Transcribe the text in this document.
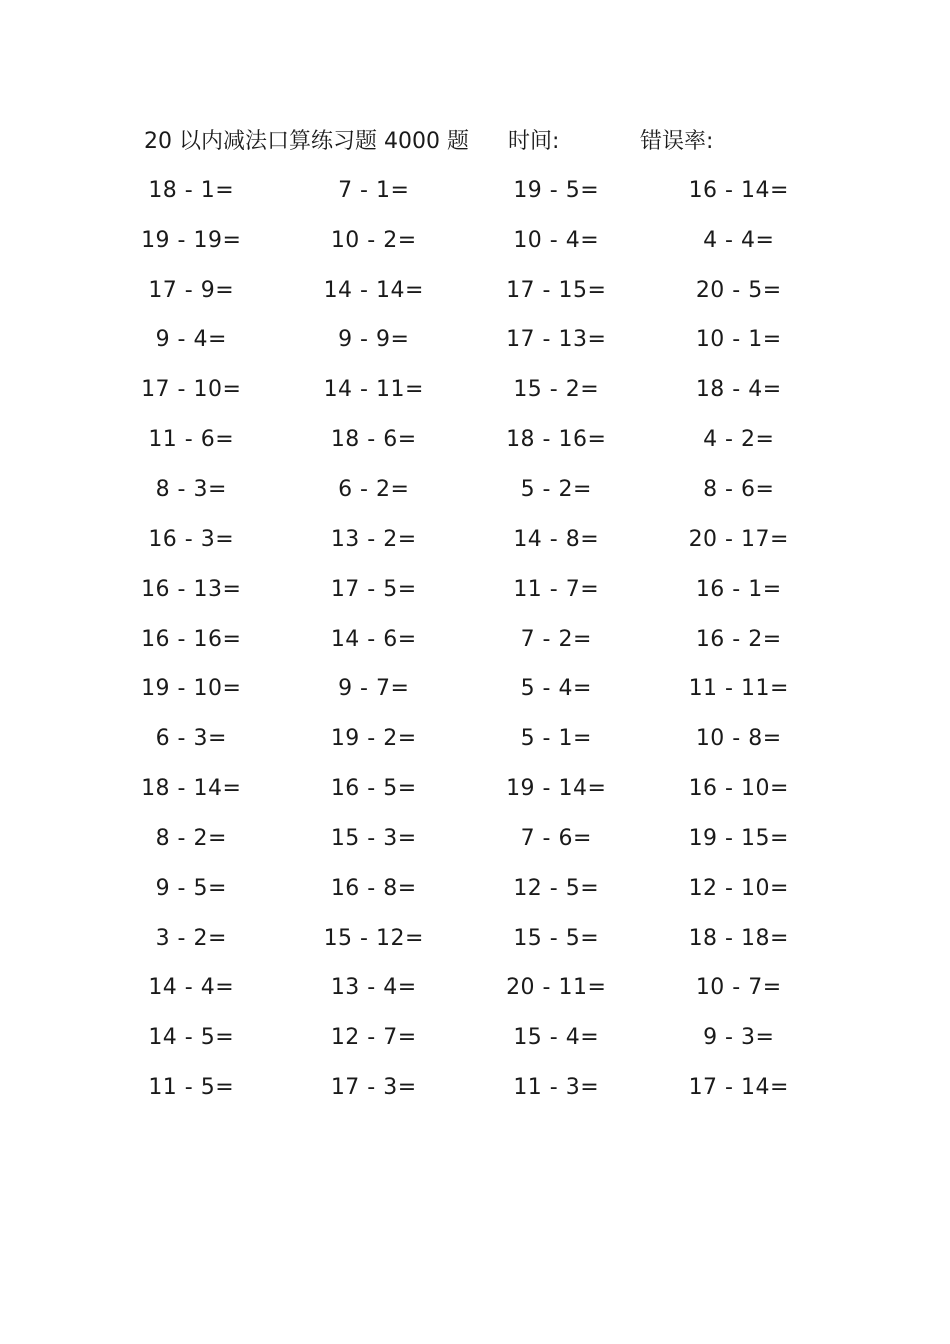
20 以内减法口算练习题 4000 题 时间:	错误率:
18 - 1=	7 - 1=	19 - 5=	16 - 14=
19 - 19=	10 - 2=	10 - 4=	4 - 4=
17 - 9=	14 - 14=	17 - 15=	20 - 5=
9 - 4=	9 - 9=	17 - 13=	10 - 1=
17 - 10=	14 - 11=	15 - 2=	18 - 4=
11 - 6=	18 - 6=	18 - 16=	4 - 2=
8 - 3=	6 - 2=	5 - 2=	8 - 6=
16 - 3=	13 - 2=	14 - 8=	20 - 17=
16 - 13=	17 - 5=	11 - 7=	16 - 1=
16 - 16=	14 - 6=	7 - 2=	16 - 2=
19 - 10=	9 - 7=	5 - 4=	11 - 11=
6 - 3=	19 - 2=	5 - 1=	10 - 8=
18 - 14=	16 - 5=	19 - 14=	16 - 10=
8 - 2=	15 - 3=	7 - 6=	19 - 15=
9 - 5=	16 - 8=	12 - 5=	12 - 10=
3 - 2=	15 - 12=	15 - 5=	18 - 18=
14 - 4=	13 - 4=	20 - 11=	10 - 7=
14 - 5=	12 - 7=	15 - 4=	9 - 3=
11 - 5=	17 - 3=	11 - 3=	17 - 14=
